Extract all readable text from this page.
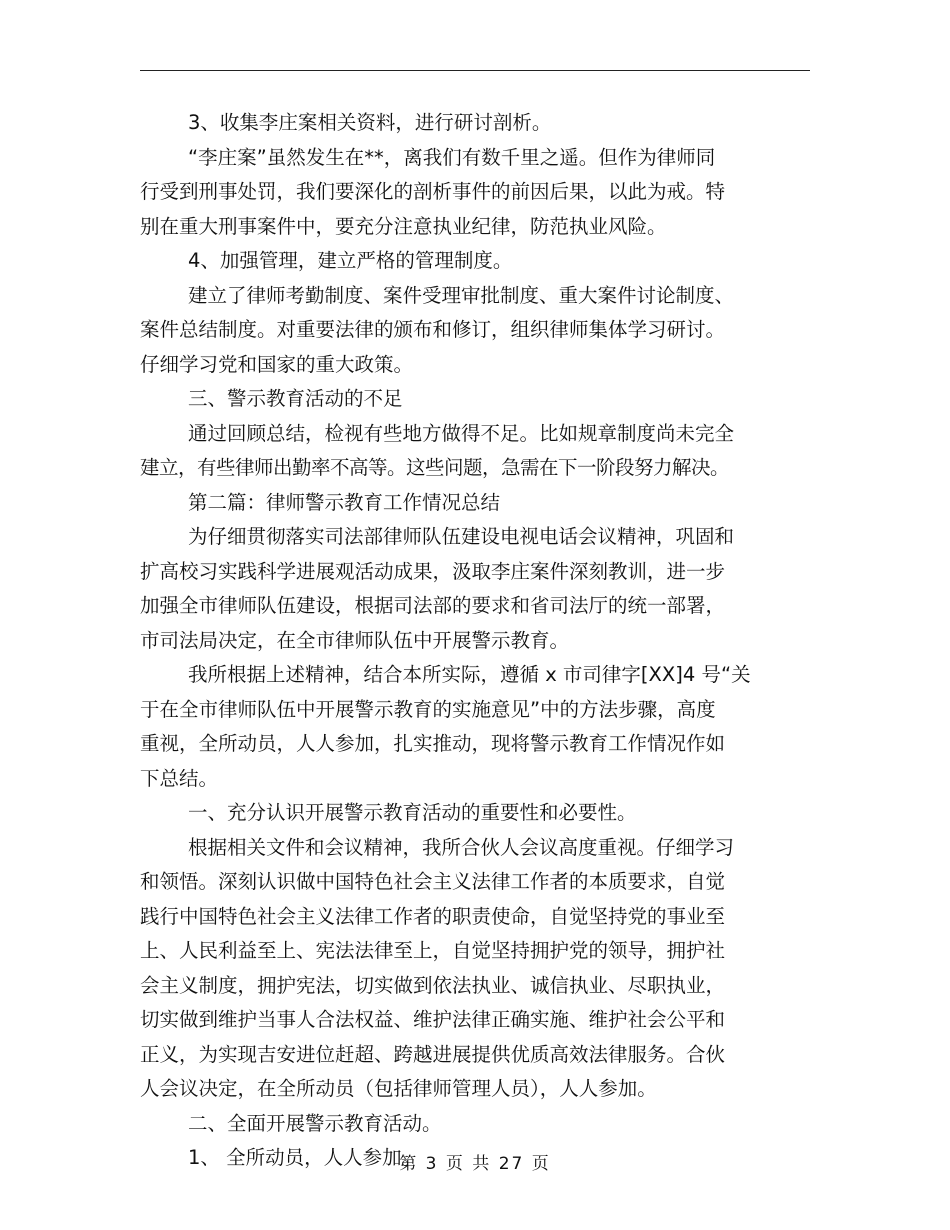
3、收集李庄案相关资料，进行研讨剖析。
“李庄案”虽然发生在**，离我们有数千里之遥。但作为律师同
行受到刑事处罚，我们要深化的剖析事件的前因后果，以此为戒。特
别在重大刑事案件中，要充分注意执业纪律，防范执业风险。
4、加强管理，建立严格的管理制度。
建立了律师考勤制度、案件受理审批制度、重大案件讨论制度、
案件总结制度。对重要法律的颁布和修订，组织律师集体学习研讨。
仔细学习党和国家的重大政策。
三、警示教育活动的不足
通过回顾总结，检视有些地方做得不足。比如规章制度尚未完全
建立，有些律师出勤率不高等。这些问题，急需在下一阶段努力解决。
第二篇：律师警示教育工作情况总结
为仔细贯彻落实司法部律师队伍建设电视电话会议精神，巩固和
扩高校习实践科学进展观活动成果，汲取李庄案件深刻教训，进一步
加强全市律师队伍建设，根据司法部的要求和省司法厅的统一部署，
市司法局决定，在全市律师队伍中开展警示教育。
我所根据上述精神，结合本所实际，遵循 x 市司律字[XX]4 号“关
于在全市律师队伍中开展警示教育的实施意见”中的方法步骤，高度
重视，全所动员，人人参加，扎实推动，现将警示教育工作情况作如
下总结。
一、充分认识开展警示教育活动的重要性和必要性。
根据相关文件和会议精神，我所合伙人会议高度重视。仔细学习
和领悟。深刻认识做中国特色社会主义法律工作者的本质要求，自觉
践行中国特色社会主义法律工作者的职责使命，自觉坚持党的事业至
上、人民利益至上、宪法法律至上，自觉坚持拥护党的领导，拥护社
会主义制度，拥护宪法，切实做到依法执业、诚信执业、尽职执业，
切实做到维护当事人合法权益、维护法律正确实施、维护社会公平和
正义，为实现吉安进位赶超、跨越进展提供优质高效法律服务。合伙
人会议决定，在全所动员（包括律师管理人员），人人参加。
二、全面开展警示教育活动。
1、 全所动员，人人参加。
第 3 页 共 27 页
